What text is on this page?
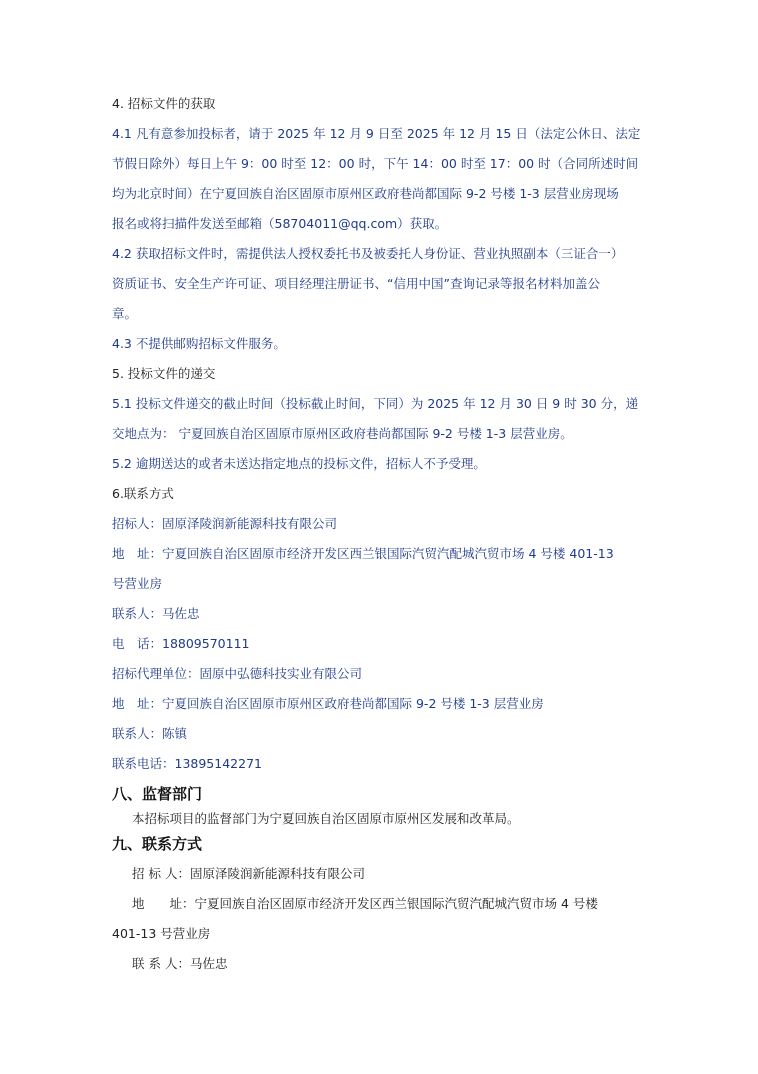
4. 招标文件的获取

4.1 凡有意参加投标者，请于 2025 年 12 月 9 日至 2025 年 12 月 15 日（法定公休日、法定

节假日除外）每日上午 9：00 时至 12：00 时，下午 14：00 时至 17：00 时（合同所述时间

均为北京时间）在宁夏回族自治区固原市原州区政府巷尚都国际 9-2 号楼 1-3 层营业房现场

报名或将扫描件发送至邮箱（58704011@qq.com）获取。

4.2 获取招标文件时，需提供法人授权委托书及被委托人身份证、营业执照副本（三证合一）

资质证书、安全生产许可证、项目经理注册证书、“信用中国”查询记录等报名材料加盖公

章。

4.3 不提供邮购招标文件服务。

5. 投标文件的递交

5.1 投标文件递交的截止时间（投标截止时间，下同）为 2025 年 12 月 30 日 9 时 30 分，递

交地点为： 宁夏回族自治区固原市原州区政府巷尚都国际 9-2 号楼 1-3 层营业房。

5.2 逾期送达的或者未送达指定地点的投标文件，招标人不予受理。

6.联系方式

招标人：固原泽陵润新能源科技有限公司

地　址：宁夏回族自治区固原市经济开发区西兰银国际汽贸汽配城汽贸市场 4 号楼 401-13

号营业房

联系人：马佐忠

电　话：18809570111

招标代理单位：固原中弘德科技实业有限公司

地　址：宁夏回族自治区固原市原州区政府巷尚都国际 9-2 号楼 1-3 层营业房

联系人：陈镇

联系电话：13895142271

八、监督部门

本招标项目的监督部门为宁夏回族自治区固原市原州区发展和改革局。

九、联系方式

招 标 人：固原泽陵润新能源科技有限公司

地　　址：宁夏回族自治区固原市经济开发区西兰银国际汽贸汽配城汽贸市场 4 号楼

401-13 号营业房

联 系 人：马佐忠
